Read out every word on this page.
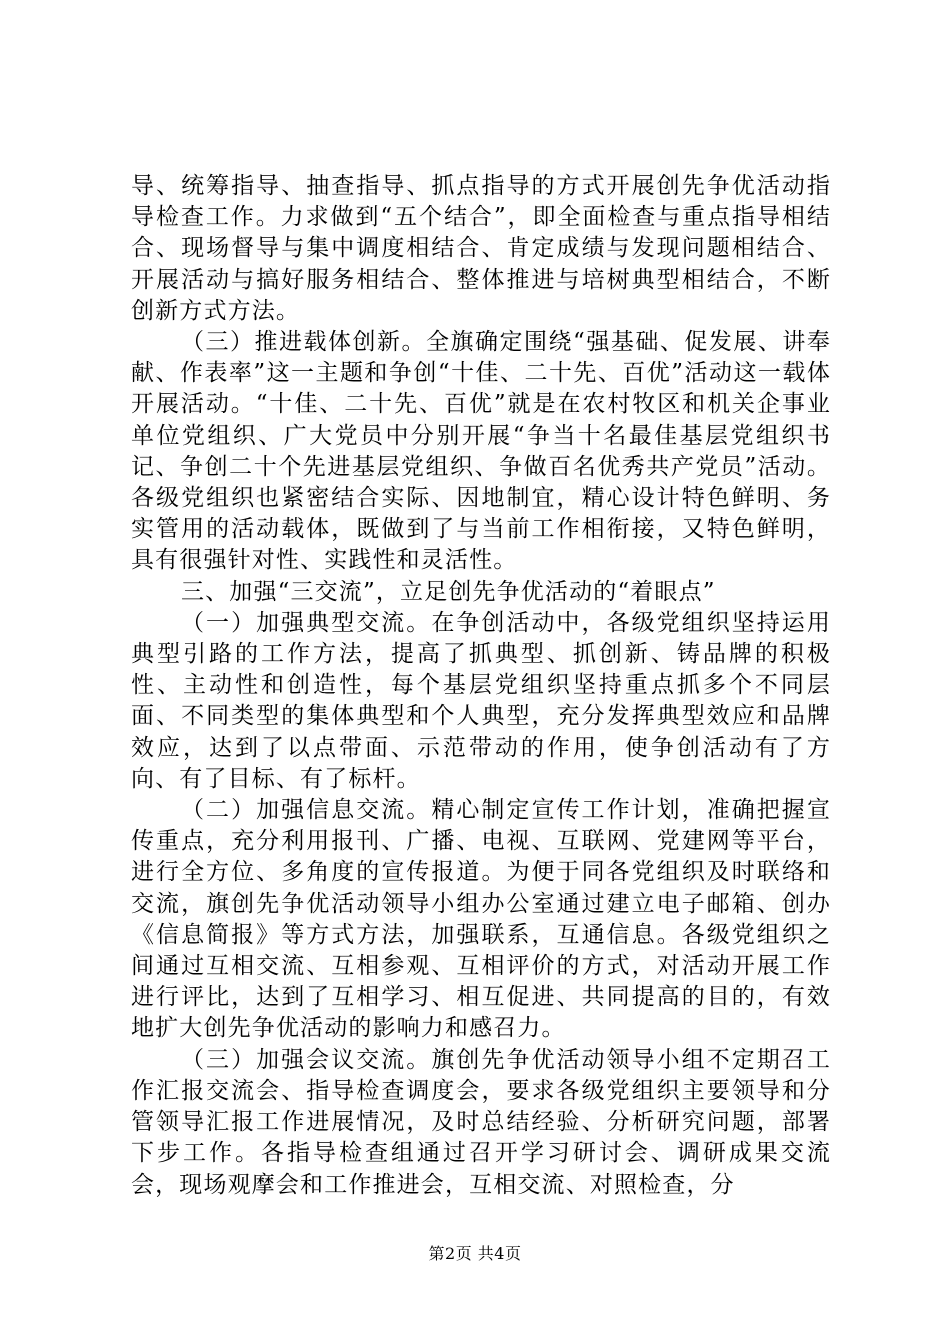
导、统筹指导、抽查指导、抓点指导的方式开展创先争优活动指导检查工作。力求做到“五个结合”，即全面检查与重点指导相结合、现场督导与集中调度相结合、肯定成绩与发现问题相结合、开展活动与搞好服务相结合、整体推进与培树典型相结合，不断创新方式方法。

（三）推进载体创新。全旗确定围绕“强基础、促发展、讲奉献、作表率”这一主题和争创“十佳、二十先、百优”活动这一载体开展活动。“十佳、二十先、百优”就是在农村牧区和机关企事业单位党组织、广大党员中分别开展“争当十名最佳基层党组织书记、争创二十个先进基层党组织、争做百名优秀共产党员”活动。各级党组织也紧密结合实际、因地制宜，精心设计特色鲜明、务实管用的活动载体，既做到了与当前工作相衔接，又特色鲜明，具有很强针对性、实践性和灵活性。

三、加强“三交流”，立足创先争优活动的“着眼点”

（一）加强典型交流。在争创活动中，各级党组织坚持运用典型引路的工作方法，提高了抓典型、抓创新、铸品牌的积极性、主动性和创造性，每个基层党组织坚持重点抓多个不同层面、不同类型的集体典型和个人典型，充分发挥典型效应和品牌效应，达到了以点带面、示范带动的作用，使争创活动有了方向、有了目标、有了标杆。

（二）加强信息交流。精心制定宣传工作计划，准确把握宣传重点，充分利用报刊、广播、电视、互联网、党建网等平台，进行全方位、多角度的宣传报道。为便于同各党组织及时联络和交流，旗创先争优活动领导小组办公室通过建立电子邮箱、创办《信息简报》等方式方法，加强联系，互通信息。各级党组织之间通过互相交流、互相参观、互相评价的方式，对活动开展工作进行评比，达到了互相学习、相互促进、共同提高的目的，有效地扩大创先争优活动的影响力和感召力。

（三）加强会议交流。旗创先争优活动领导小组不定期召工作汇报交流会、指导检查调度会，要求各级党组织主要领导和分管领导汇报工作进展情况，及时总结经验、分析研究问题，部署下步工作。各指导检查组通过召开学习研讨会、调研成果交流会，现场观摩会和工作推进会，互相交流、对照检查，分

第2页 共4页
